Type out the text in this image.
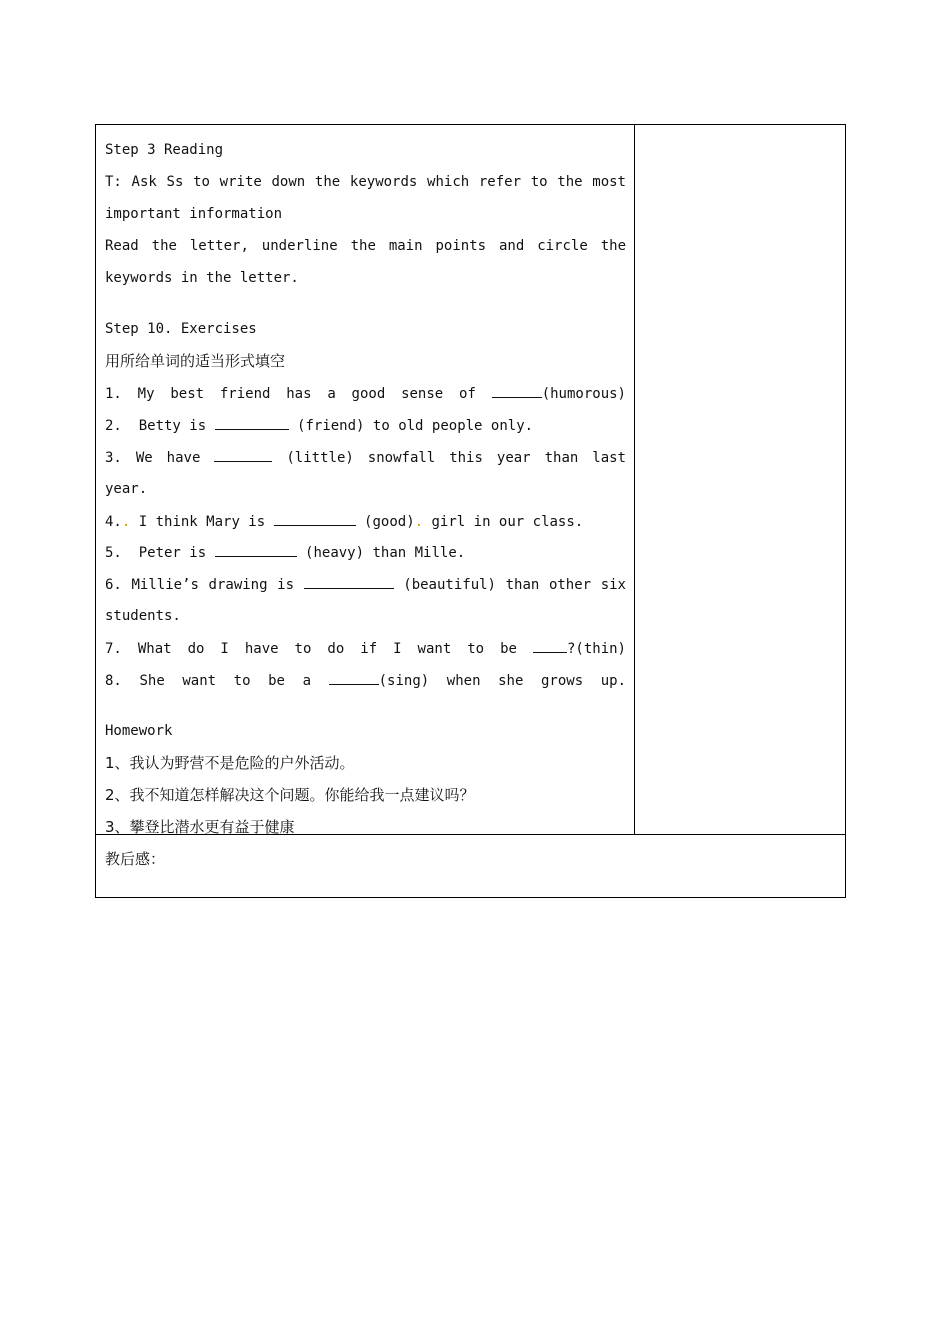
Step 3 Reading
T: Ask Ss to write down the keywords which refer to the most
important information
Read the letter, underline the main points and circle the
keywords in the letter.
Step 10. Exercises
用所给单词的适当形式填空
1. My best friend has a good sense of	(humorous)
2. Betty is	(friend) to old people only.
3. We have	(little) snowfall this year than last
year.
4.. I think Mary is	(good). girl in our class.
5. Peter is	(heavy) than Mille.
6. Millie’s drawing is	(beautiful) than other six
students.
7. What do I have to do if I want to be	?(thin)
8. She want to be a	(sing) when she grows up.
Homework
1、我认为野营不是危险的户外活动。
2、我不知道怎样解决这个问题。你能给我一点建议吗？
3、攀登比潜水更有益于健康
教后感：
